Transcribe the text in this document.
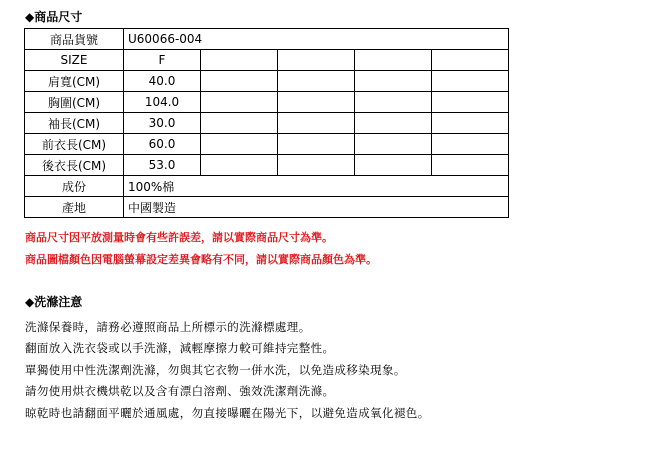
◆商品尺寸
商品貨號	U60066-004				
SIZE	F				
肩寬(CM)	40.0				
胸圍(CM)	104.0				
袖長(CM)	30.0				
前衣長(CM)	60.0				
後衣長(CM)	53.0				
成份	100%棉				
產地	中國製造				
商品尺寸因平放測量時會有些許誤差，請以實際商品尺寸為準。
商品圖檔顏色因電腦螢幕設定差異會略有不同，請以實際商品顏色為準。
◆洗滌注意
洗滌保養時，請務必遵照商品上所標示的洗滌標處理。
翻面放入洗衣袋或以手洗滌，減輕摩擦力較可維持完整性。
單獨使用中性洗潔劑洗滌，勿與其它衣物一併水洗，以免造成移染現象。
請勿使用烘衣機烘乾以及含有漂白溶劑、強效洗潔劑洗滌。
晾乾時也請翻面平曬於通風處，勿直接曝曬在陽光下，以避免造成氧化褪色。
